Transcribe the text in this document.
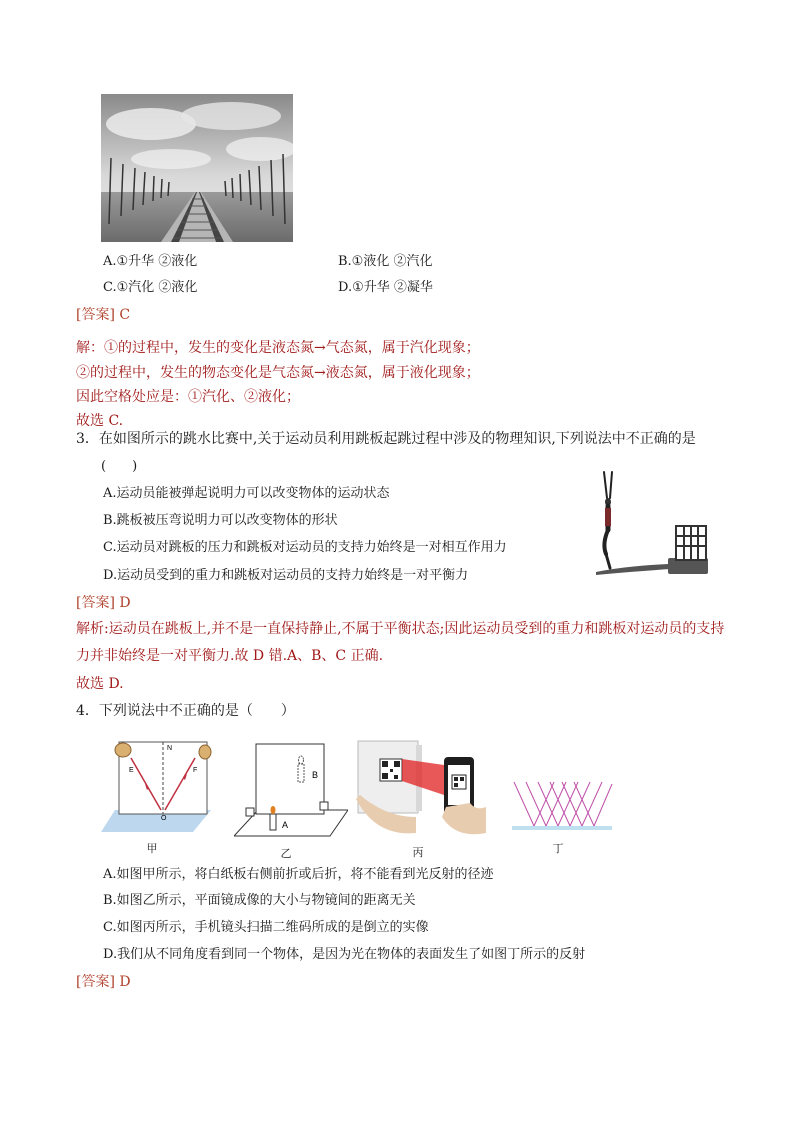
A.①升华 ②液化	B.①液化 ②汽化
C.①汽化 ②液化	D.①升华 ②凝华
[答案] C
解：①的过程中，发生的变化是液态氮→气态氮，属于汽化现象；
②的过程中，发生的物态变化是气态氮→液态氮，属于液化现象；
因此空格处应是：①汽化、②液化；
故选 C.
3．在如图所示的跳水比赛中,关于运动员利用跳板起跳过程中涉及的物理知识,下列说法中不正确的是
(　　)
A.运动员能被弹起说明力可以改变物体的运动状态
B.跳板被压弯说明力可以改变物体的形状
C.运动员对跳板的压力和跳板对运动员的支持力始终是一对相互作用力
D.运动员受到的重力和跳板对运动员的支持力始终是一对平衡力
[答案] D
解析:运动员在跳板上,并不是一直保持静止,不属于平衡状态;因此运动员受到的重力和跳板对运动员的支持
力并非始终是一对平衡力.故 D 错.A、B、C 正确.
故选 D.
4．下列说法中不正确的是（　　）
N
E	F
O
甲
A
B
乙	丙	丁
A.如图甲所示，将白纸板右侧前折或后折，将不能看到光反射的径迹
B.如图乙所示，平面镜成像的大小与物镜间的距离无关
C.如图丙所示，手机镜头扫描二维码所成的是倒立的实像
D.我们从不同角度看到同一个物体，是因为光在物体的表面发生了如图丁所示的反射
[答案] D
